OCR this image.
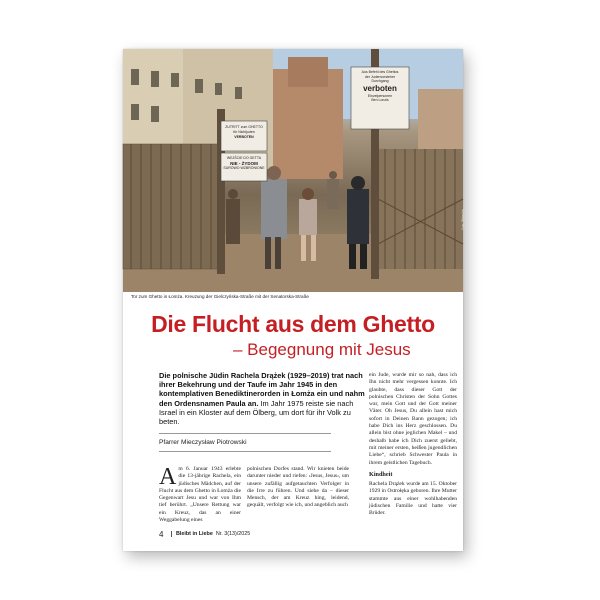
Aus Befehl des Ghettos
der Judenvorsteher
Durchgang
verboten
Einzelpersonen
Ben Lonzis
ZUTRITT zum GHETTO
für Nichtjuden
VERBOTEN
WEJŚCIE DO GETTA
NIE - ŻYDOM
SUROWO WZBRONIONE
Foto: Bildarchiv
Tor zum Ghetto in Łomża. Kreuzung der Gielczyńska-Straße mit der Senatorska-Straße
Die Flucht aus dem Ghetto
– Begegnung mit Jesus
Die polnische Jüdin Rachela Drążek (1929–2019) trat nach ihrer Bekehrung und der Taufe im Jahr 1945 in den kontemplativen Benediktinerorden in Łomża ein und nahm den Ordensnamen Paula an. Im Jahr 1975 reiste sie nach Israel in ein Kloster auf dem Ölberg, um dort für ihr Volk zu beten.
Pfarrer Mieczysław Piotrowski
Am 6. Januar 1943 erlebte die 13-jährige Rachela, ein jüdisches Mädchen, auf der Flucht aus dem Ghetto in Łomża die Gegenwart Jesu und war von Ihm tief berührt. „Unsere Rettung war ein Kreuz, das an einer Weggabelung eines
polnischen Dorfes stand. Wir knieten beide darunter nieder und riefen: ›Jesus, Jesus‹, um unsere zufällig aufgetauchten Verfolger in die Irre zu führen. Und siehe da – dieser Mensch, der am Kreuz hing, leidend, gequält, verfolgt wie ich, und angeblich auch
ein Jude, wurde mir so nah, dass ich Ihn nicht mehr vergessen konnte. Ich glaubte, dass dieser Gott der polnischen Christen der Sohn Gottes war, mein Gott und der Gott meiner Väter. Oh Jesus, Du allein hast mich sofort in Deinen Bann gezogen; ich habe Dich ins Herz geschlossen. Du allein bist ohne jeglichen Makel – und deshalb habe ich Dich zuerst geliebt, mit meiner ersten, heißen jugendlichen Liebe“, schrieb Schwester Paula in ihrem geistlichen Tagebuch.
Kindheit
Rachela Drążek wurde am 15. Oktober 1929 in Ostrołęka geboren. Ihre Mutter stammte aus einer wohlhabenden jüdischen Familie und hatte vier Brüder.
4	Bleibt in Liebe Nr. 3(13)/2025
